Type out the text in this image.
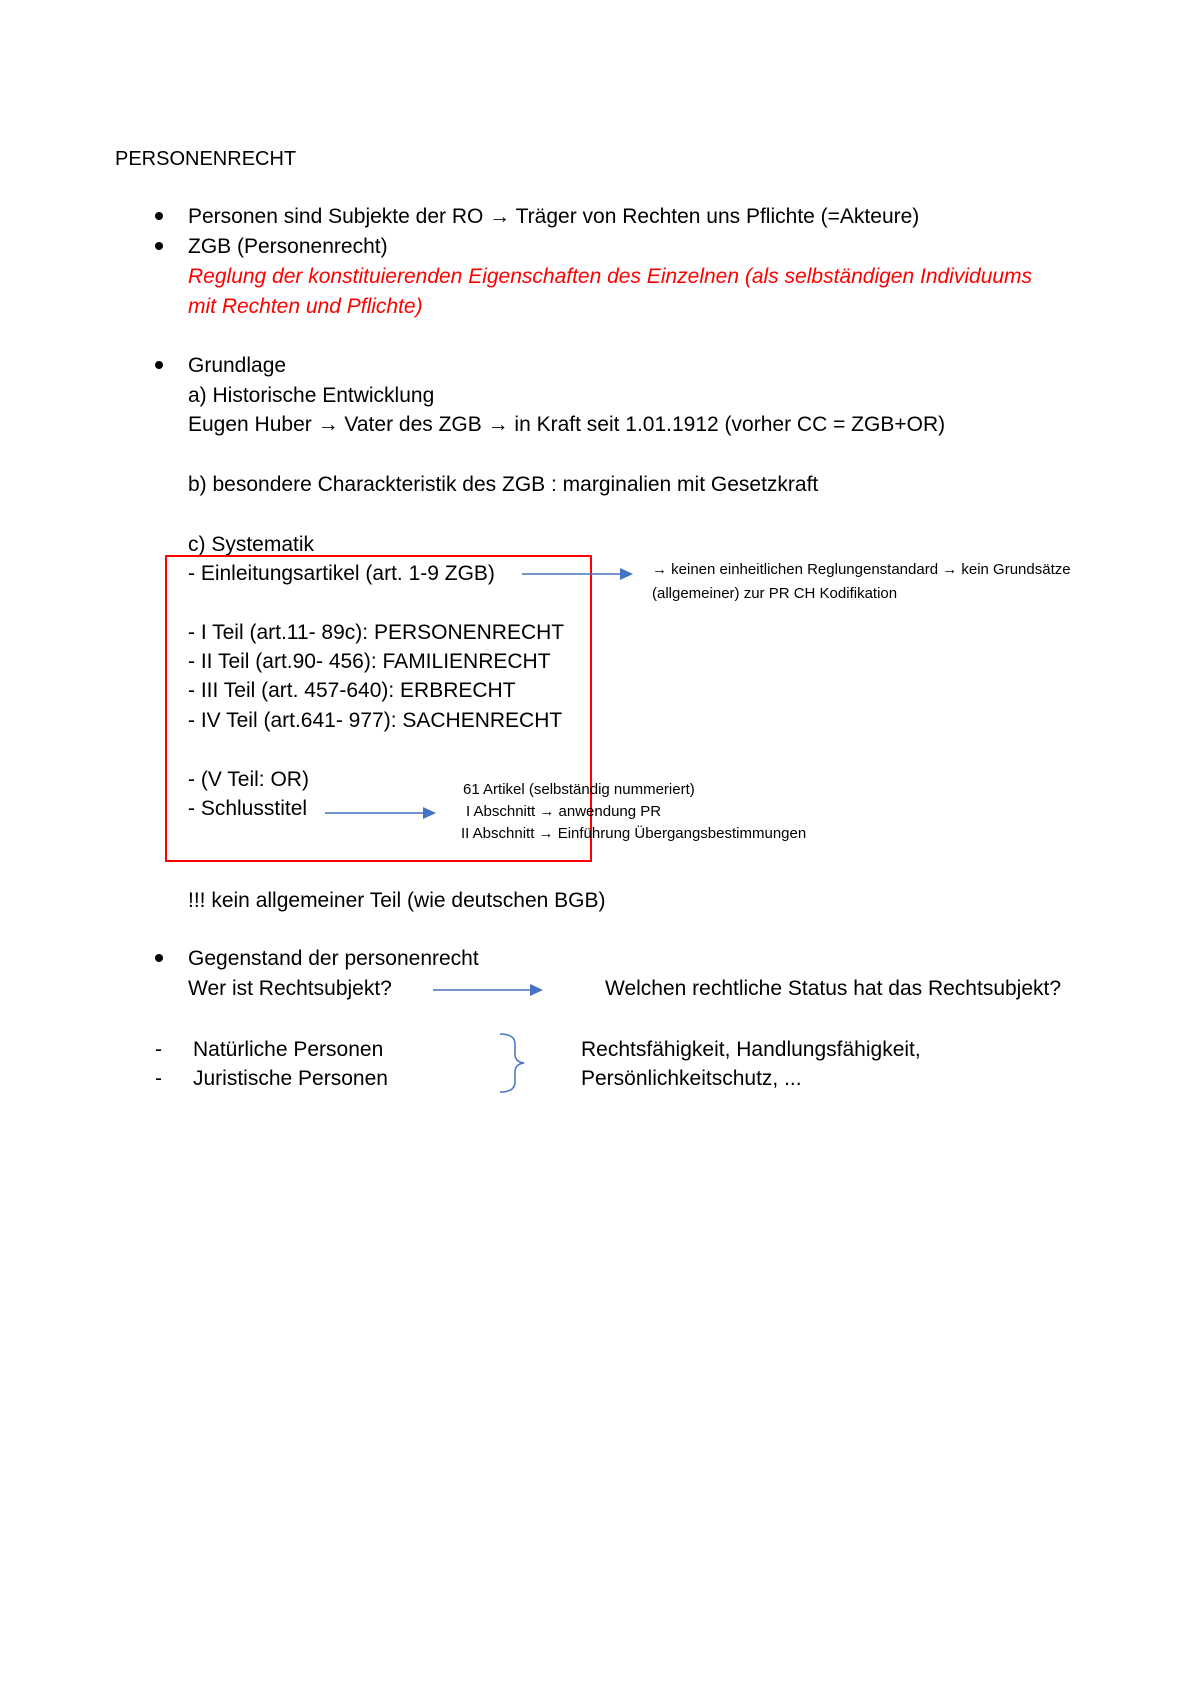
PERSONENRECHT
Personen sind Subjekte der RO → Träger von Rechten uns Pflichte (=Akteure)
ZGB (Personenrecht)
Reglung der konstituierenden Eigenschaften des Einzelnen (als selbständigen Individuums
mit Rechten und Pflichte)
Grundlage
a) Historische Entwicklung
Eugen Huber → Vater des ZGB → in Kraft seit 1.01.1912 (vorher CC = ZGB+OR)
b) besondere Charackteristik des ZGB : marginalien mit Gesetzkraft
c) Systematik
- Einleitungsartikel (art. 1-9 ZGB)
- I Teil (art.11- 89c): PERSONENRECHT
- II Teil (art.90- 456): FAMILIENRECHT
- III Teil (art. 457-640): ERBRECHT
- IV Teil (art.641- 977): SACHENRECHT
- (V Teil: OR)
- Schlusstitel
→ keinen einheitlichen Reglungenstandard → kein Grundsätze
(allgemeiner) zur PR CH Kodifikation
61 Artikel (selbständig nummeriert)
I Abschnitt → anwendung PR
II Abschnitt → Einführung Übergangsbestimmungen
!!! kein allgemeiner Teil (wie deutschen BGB)
Gegenstand der personenrecht
Wer ist Rechtsubjekt?	Welchen rechtliche Status hat das Rechtsubjekt?
- Natürliche Personen
- Juristische Personen
Rechtsfähigkeit, Handlungsfähigkeit,
Persönlichkeitschutz, ...
